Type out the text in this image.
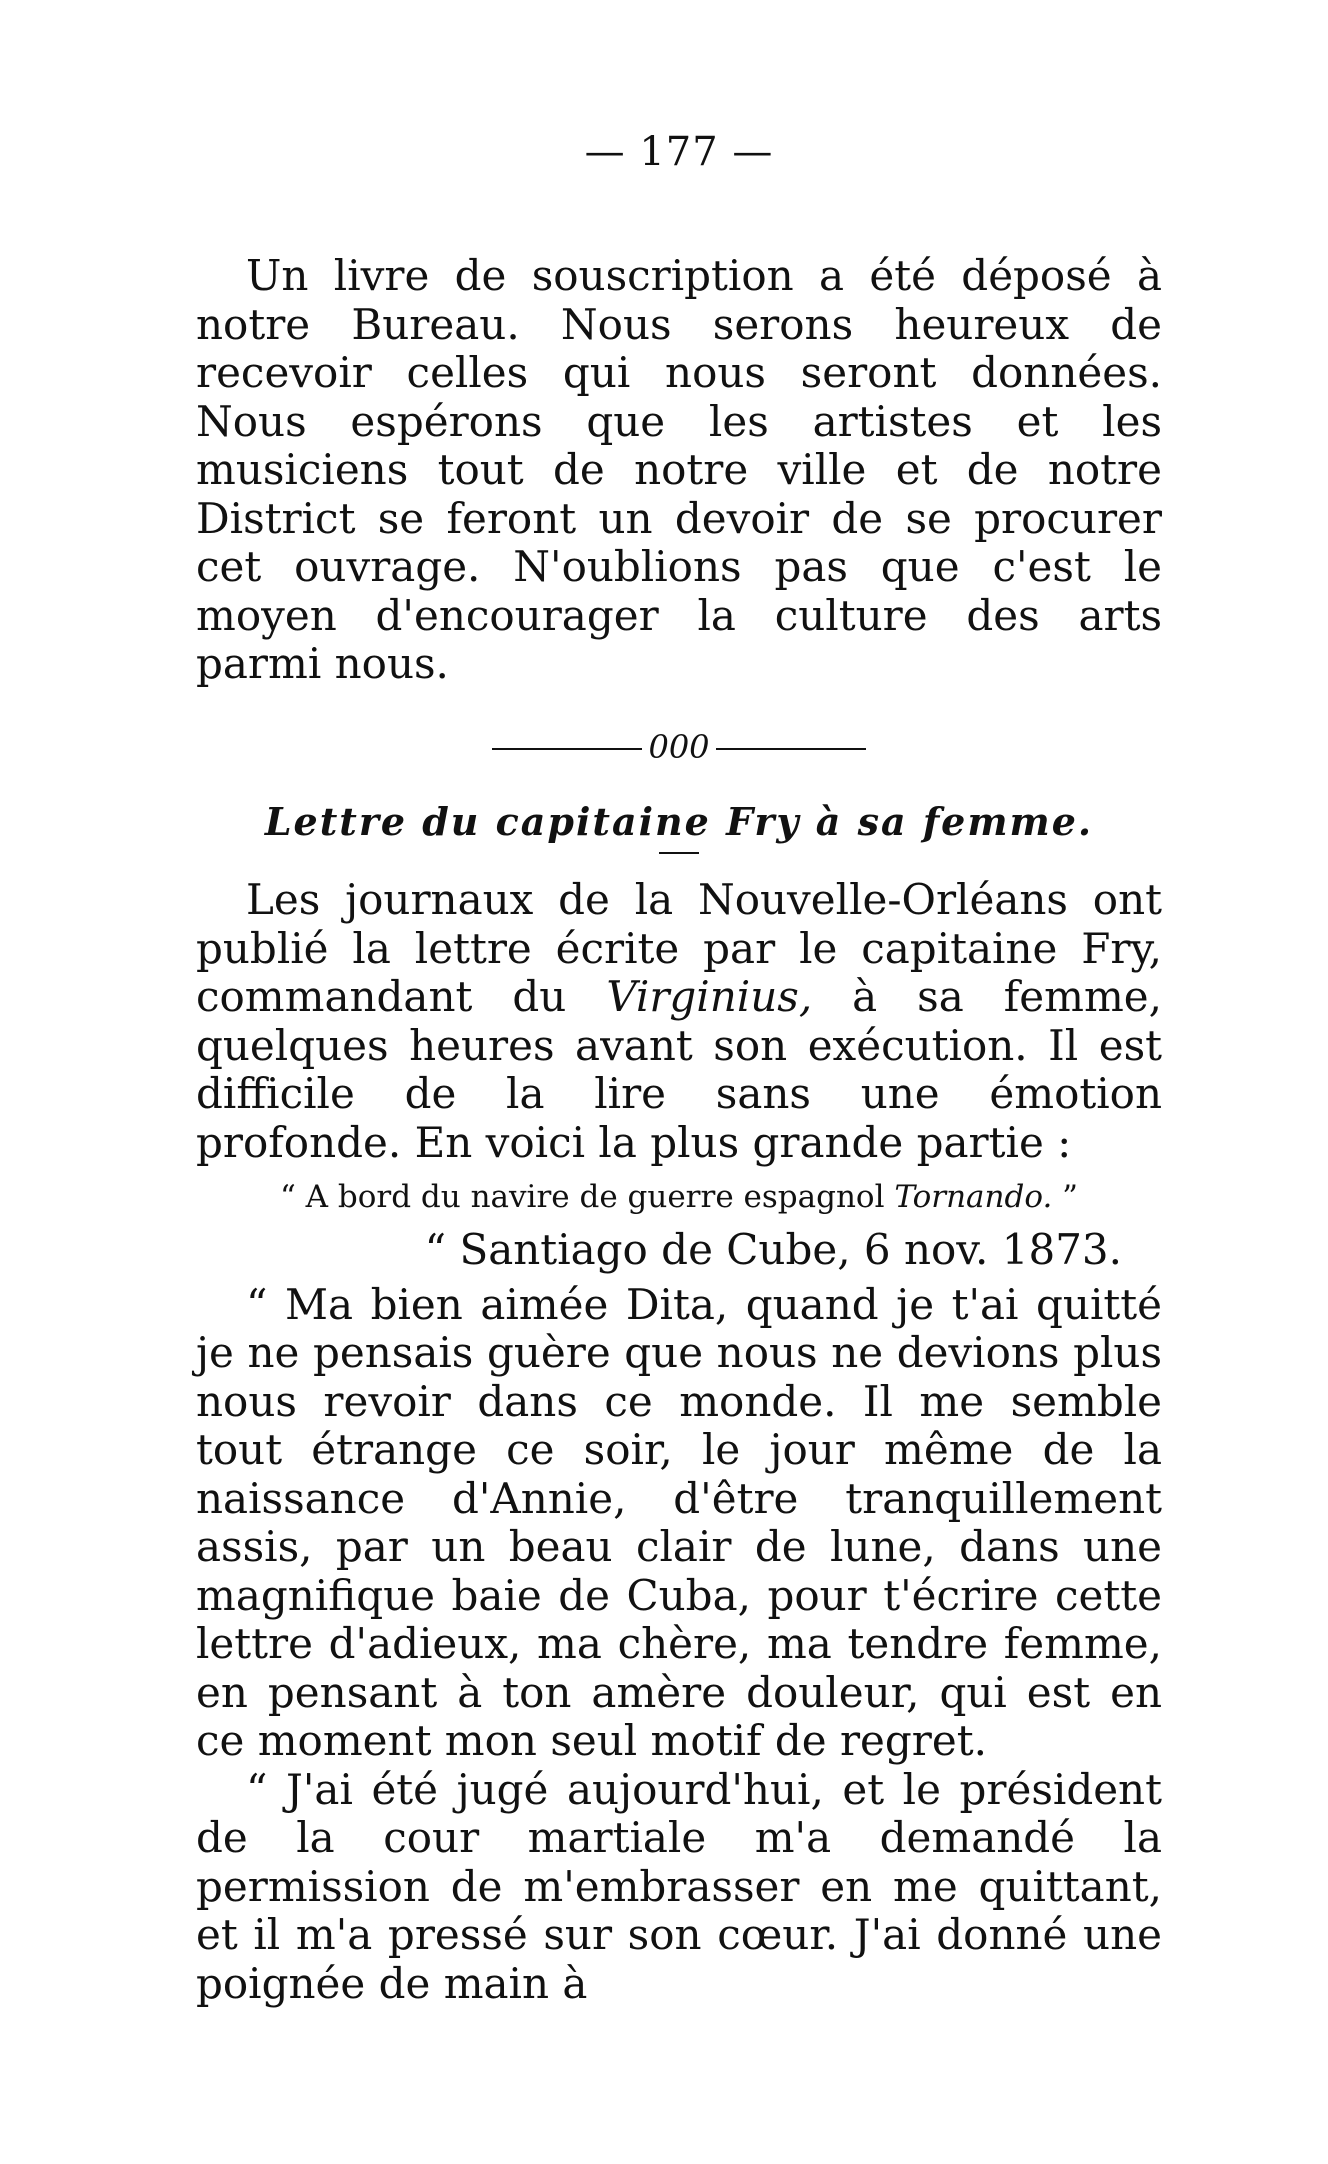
— 177 —

Un livre de souscription a été déposé à notre Bureau. Nous serons heureux de recevoir celles qui nous seront données. Nous espérons que les artistes et les musiciens tout de notre ville et de notre District se feront un devoir de se procurer cet ouvrage. N'oublions pas que c'est le moyen d'encourager la culture des arts parmi nous.

000
Lettre du capitaine Fry à sa femme.

Les journaux de la Nouvelle-Orléans ont publié la lettre écrite par le capitaine Fry, commandant du Virginius, à sa femme, quelques heures avant son exécution. Il est difficile de la lire sans une émotion profonde. En voici la plus grande partie :

“ A bord du navire de guerre espagnol Tornando. ”
“ Santiago de Cube, 6 nov. 1873.

“ Ma bien aimée Dita, quand je t'ai quitté je ne pensais guère que nous ne devions plus nous revoir dans ce monde. Il me semble tout étrange ce soir, le jour même de la naissance d'Annie, d'être tranquillement assis, par un beau clair de lune, dans une magnifique baie de Cuba, pour t'écrire cette lettre d'adieux, ma chère, ma tendre femme, en pensant à ton amère douleur, qui est en ce moment mon seul motif de regret.

“ J'ai été jugé aujourd'hui, et le président de la cour martiale m'a demandé la permission de m'embrasser en me quittant, et il m'a pressé sur son cœur. J'ai donné une poignée de main à
